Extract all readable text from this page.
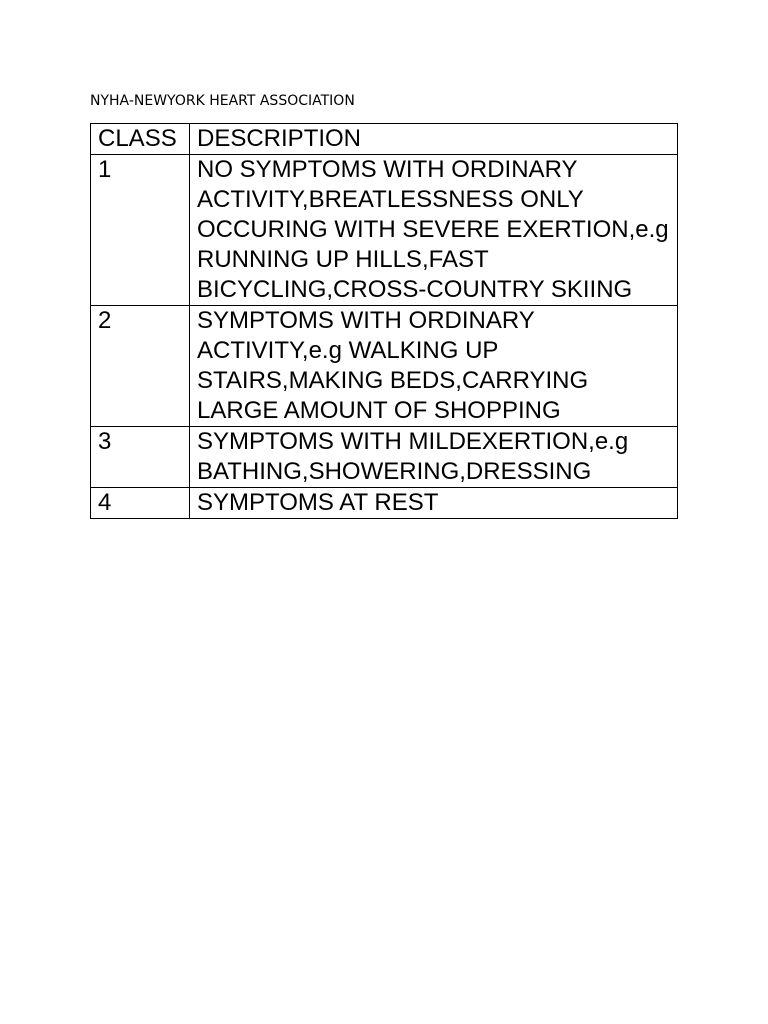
NYHA-NEWYORK HEART ASSOCIATION
CLASS	DESCRIPTION
1	NO SYMPTOMS WITH ORDINARY ACTIVITY,BREATLESSNESS ONLY OCCURING WITH SEVERE EXERTION,e.g RUNNING UP HILLS,FAST BICYCLING,CROSS-COUNTRY SKIING
2	SYMPTOMS WITH ORDINARY ACTIVITY,e.g WALKING UP STAIRS,MAKING BEDS,CARRYING LARGE AMOUNT OF SHOPPING
3	SYMPTOMS WITH MILDEXERTION,e.g BATHING,SHOWERING,DRESSING
4	SYMPTOMS AT REST
